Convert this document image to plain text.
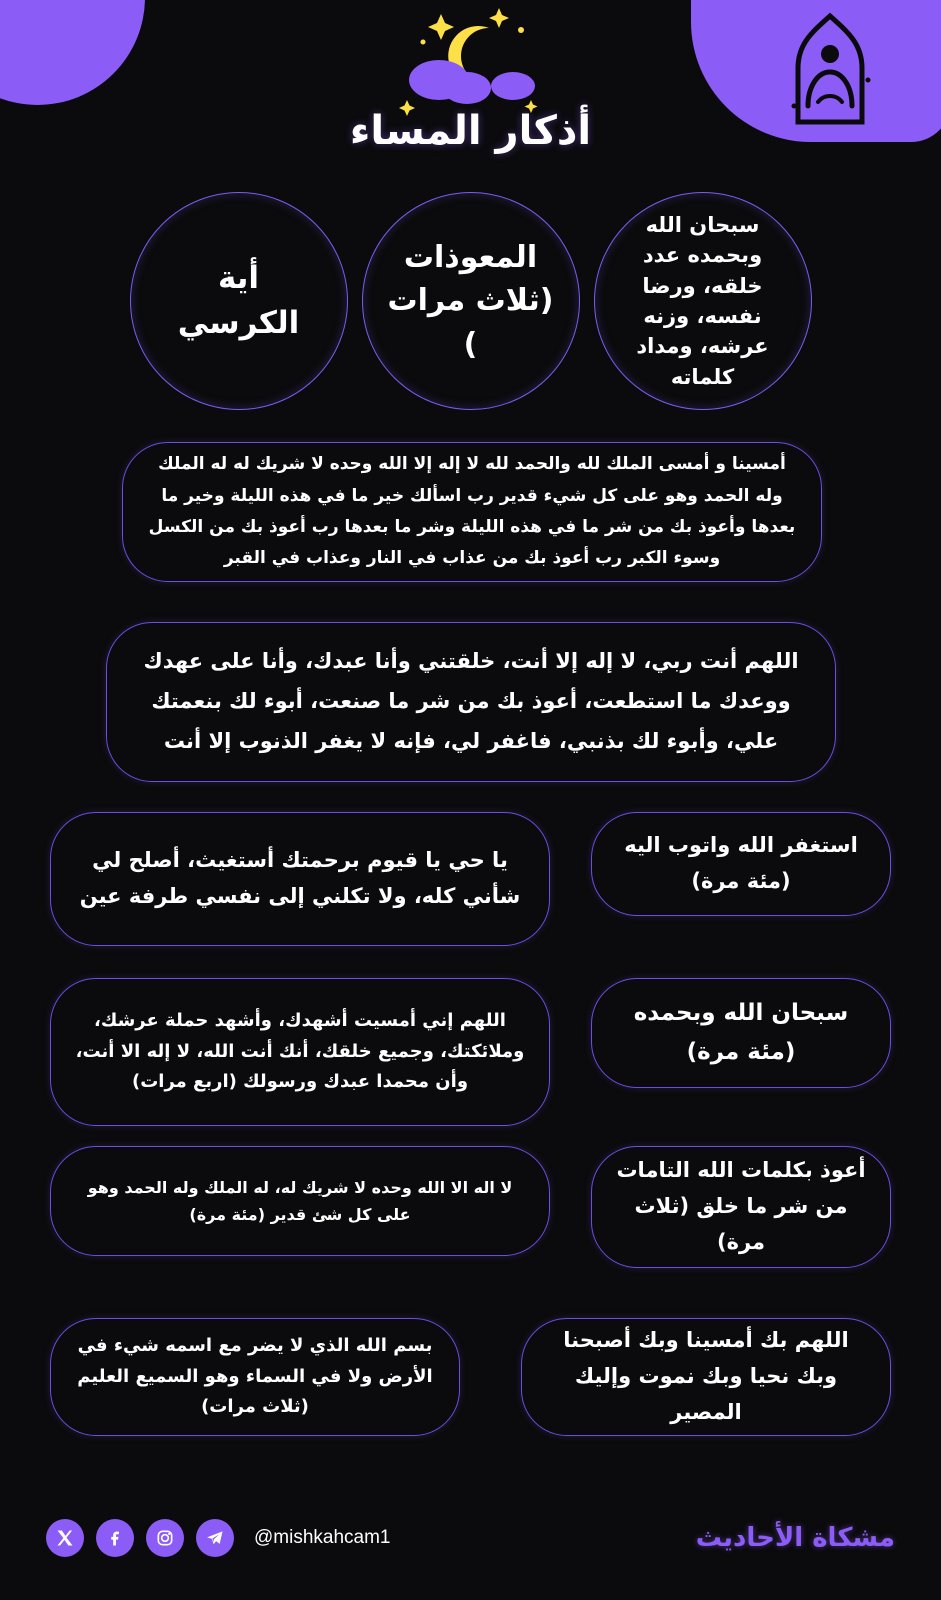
أذكار المساء
سبحان الله وبحمده عدد خلقه، ورضا نفسه، وزنه عرشه، ومداد كلماته
المعوذات (ثلاث مرات )
أية الكرسي
أمسينا و أمسى الملك لله والحمد لله لا إله إلا الله وحده لا شريك له له الملك وله الحمد وهو على كل شيء قدير رب اسألك خير ما في هذه الليلة وخير ما بعدها وأعوذ بك من شر ما في هذه الليلة وشر ما بعدها رب أعوذ بك من الكسل وسوء الكبر رب أعوذ بك من عذاب في النار وعذاب في القبر
اللهم أنت ربي، لا إله إلا أنت، خلقتني وأنا عبدك، وأنا على عهدك ووعدك ما استطعت، أعوذ بك من شر ما صنعت، أبوء لك بنعمتك علي، وأبوء لك بذنبي، فاغفر لي، فإنه لا يغفر الذنوب إلا أنت
استغفر الله واتوب اليه (مئة مرة)
يا حي يا قيوم برحمتك أستغيث، أصلح لي شأني كله، ولا تكلني إلى نفسي طرفة عين
سبحان الله وبحمده (مئة مرة)
اللهم إني أمسيت أشهدك، وأشهد حملة عرشك، وملائكتك، وجميع خلقك، أنك أنت الله، لا إله الا أنت، وأن محمدا عبدك ورسولك (اربع مرات)
أعوذ بكلمات الله التامات من شر ما خلق (ثلاث مرة)
لا اله الا الله وحده لا شريك له، له الملك وله الحمد وهو على كل شئ قدير (مئة مرة)
اللهم بك أمسينا وبك أصبحنا وبك نحيا وبك نموت وإليك المصير
بسم الله الذي لا يضر مع اسمه شيء في الأرض ولا في السماء وهو السميع العليم (ثلاث مرات)
@mishkahcam1	مشكاة الأحاديث
